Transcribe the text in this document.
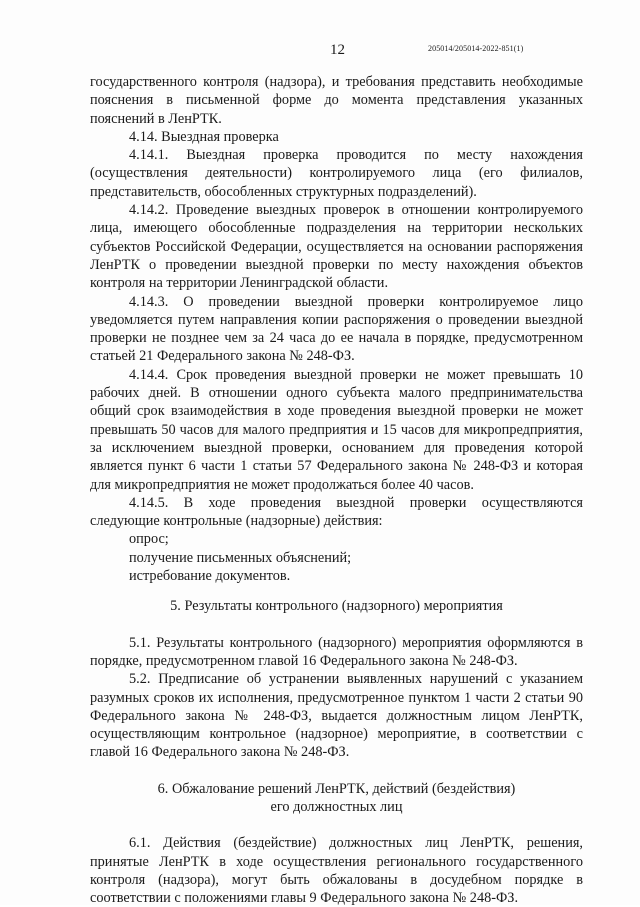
12	205014/205014-2022-851(1)

государственного контроля (надзора), и требования представить необходимые пояснения в письменной форме до момента представления указанных пояснений в ЛенРТК.

4.14. Выездная проверка

4.14.1. Выездная проверка проводится по месту нахождения (осуществления деятельности) контролируемого лица (его филиалов, представительств, обособленных структурных подразделений).

4.14.2. Проведение выездных проверок в отношении контролируемого лица, имеющего обособленные подразделения на территории нескольких субъектов Российской Федерации, осуществляется на основании распоряжения ЛенРТК о проведении выездной проверки по месту нахождения объектов контроля на территории Ленинградской области.

4.14.3. О проведении выездной проверки контролируемое лицо уведомляется путем направления копии распоряжения о проведении выездной проверки не позднее чем за 24 часа до ее начала в порядке, предусмотренном статьей 21 Федерального закона № 248-ФЗ.

4.14.4. Срок проведения выездной проверки не может превышать 10 рабочих дней. В отношении одного субъекта малого предпринимательства общий срок взаимодействия в ходе проведения выездной проверки не может превышать 50 часов для малого предприятия и 15 часов для микропредприятия, за исключением выездной проверки, основанием для проведения которой является пункт 6 части 1 статьи 57 Федерального закона № 248-ФЗ и которая для микропредприятия не может продолжаться более 40 часов.

4.14.5. В ходе проведения выездной проверки осуществляются следующие контрольные (надзорные) действия:

опрос;

получение письменных объяснений;

истребование документов.

5. Результаты контрольного (надзорного) мероприятия

5.1. Результаты контрольного (надзорного) мероприятия оформляются в порядке, предусмотренном главой 16 Федерального закона № 248-ФЗ.

5.2. Предписание об устранении выявленных нарушений с указанием разумных сроков их исполнения, предусмотренное пунктом 1 части 2 статьи 90 Федерального закона № 248-ФЗ, выдается должностным лицом ЛенРТК, осуществляющим контрольное (надзорное) мероприятие, в соответствии с главой 16 Федерального закона № 248-ФЗ.

6. Обжалование решений ЛенРТК, действий (бездействия)
его должностных лиц

6.1. Действия (бездействие) должностных лиц ЛенРТК, решения, принятые ЛенРТК в ходе осуществления регионального государственного контроля (надзора), могут быть обжалованы в досудебном порядке в соответствии с положениями главы 9 Федерального закона № 248-ФЗ.
